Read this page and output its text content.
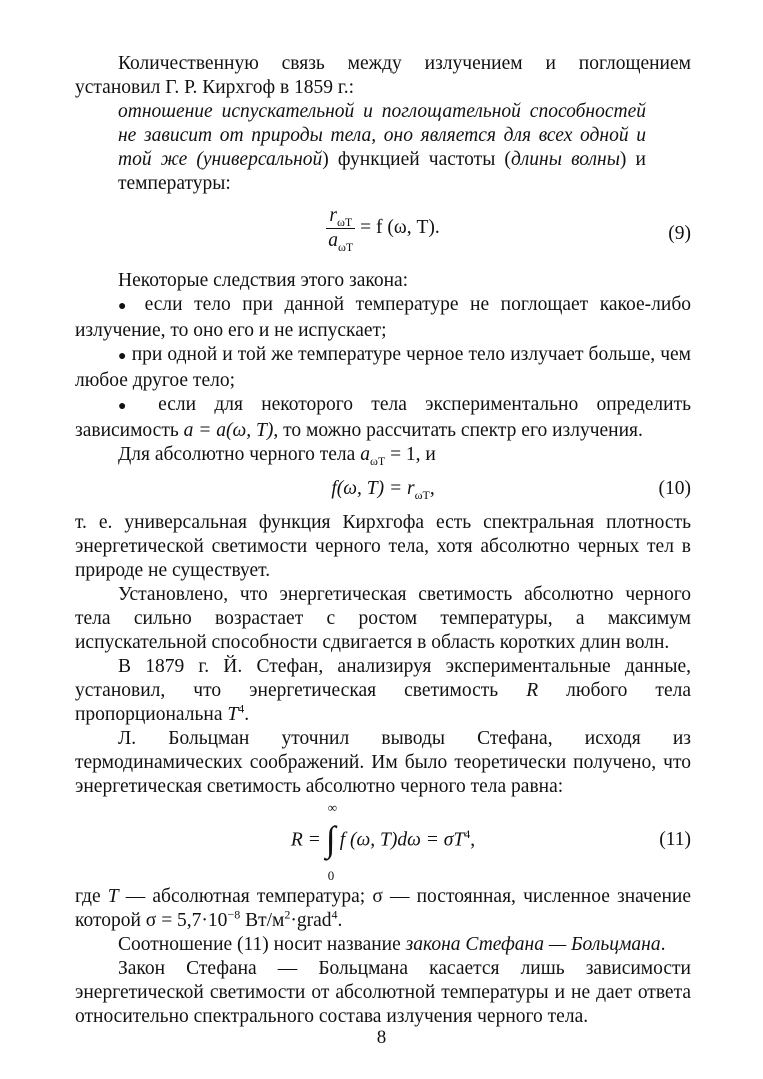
Количественную связь между излучением и поглощением установил Г. Р. Кирхгоф в 1859 г.:

отношение испускательной и поглощательной способностей не зависит от природы тела, оно является для всех одной и той же (универсальной) функцией частоты (длины волны) и температуры:

$\frac{r_{\omega T}}{a_{\omega T}} = f$ (ω, T).	(9)

Некоторые следствия этого закона:

● если тело при данной температуре не поглощает какое-либо излучение, то оно его и не испускает;

● при одной и той же температуре черное тело излучает больше, чем любое другое тело;

● если для некоторого тела экспериментально определить зависимость a = a(ω, T), то можно рассчитать спектр его излучения.

Для абсолютно черного тела $a_{\omega T} = 1$, и

f(ω, $T) = r_{\omega T}$,	(10)

т. е. универсальная функция Кирхгофа есть спектральная плотность энергетической светимости черного тела, хотя абсолютно черных тел в природе не существует.

Установлено, что энергетическая светимость абсолютно черного тела сильно возрастает с ростом температуры, а максимум испускательной способности сдвигается в область коротких длин волн.

В 1879 г. Й. Стефан, анализируя экспериментальные данные, установил, что энергетическая светимость R любого тела пропорциональна $T^4$.

Л. Больцман уточнил выводы Стефана, исходя из термодинамических соображений. Им было теоретически получено, что энергетическая светимость абсолютно черного тела равна:

R = ∫
∞
0
f (ω, $T)d\omega = \sigma T^4$,	(11)

где T — абсолютная температура; σ — постоянная, численное значение которой $\sigma = 5,7\cdot 10^{-8}$ $Вт/м^2\cdot grad^4$.

Соотношение (11) носит название закона Стефана — Больцмана.

Закон Стефана — Больцмана касается лишь зависимости энергетической светимости от абсолютной температуры и не дает ответа относительно спектрального состава излучения черного тела.

8
